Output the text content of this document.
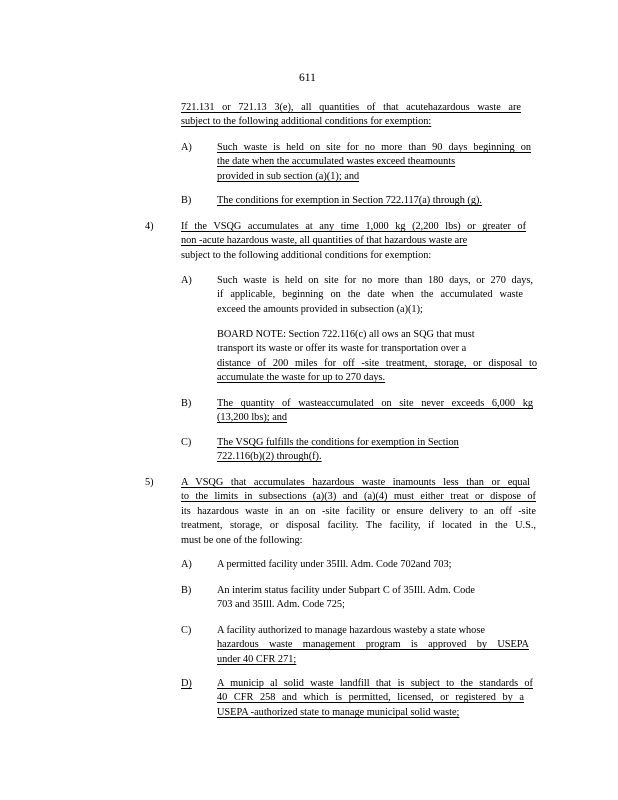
611
721.131 or 721.13 3(e), all quantities of that acutehazardous waste are
subject to the following additional conditions for exemption:
A) Such waste is held on site for no more than 90 days beginning on
the date when the accumulated wastes exceed theamounts
provided in sub section (a)(1); and
B) The conditions for exemption in Section 722.117(a) through (g).
4)	If the VSQG accumulates at any time 1,000 kg (2,200 lbs) or greater of
non -acute hazardous waste, all quantities of that hazardous waste are
subject to the following additional conditions for exemption:
A) Such waste is held on site for no more than 180 days, or 270 days,
if applicable, beginning on the date when the accumulated waste
exceed the amounts provided in subsection (a)(1);
BOARD NOTE: Section 722.116(c) all ows an SQG that must
transport its waste or offer its waste for transportation over a
distance of 200 miles for off -site treatment, storage, or disposal to
accumulate the waste for up to 270 days.
B) The quantity of wasteaccumulated on site never exceeds 6,000 kg
(13,200 lbs); and
C) The VSQG fulfills the conditions for exemption in Section
722.116(b)(2) through(f).
5)	A VSQG that accumulates hazardous waste inamounts less than or equal
to the limits in subsections (a)(3) and (a)(4) must either treat or dispose of
its hazardous waste in an on -site facility or ensure delivery to an off -site
treatment, storage, or disposal facility. The facility, if located in the U.S.,
must be one of the following:
A) A permitted facility under 35Ill. Adm. Code 702and 703;
B) An interim status facility under Subpart C of 35Ill. Adm. Code
703 and 35Ill. Adm. Code 725;
C) A facility authorized to manage hazardous wasteby a state whose
hazardous waste management program is approved by USEPA
under 40 CFR 271;
D) A municip al solid waste landfill that is subject to the standards of
40 CFR 258 and which is permitted, licensed, or registered by a
USEPA -authorized state to manage municipal solid waste;
